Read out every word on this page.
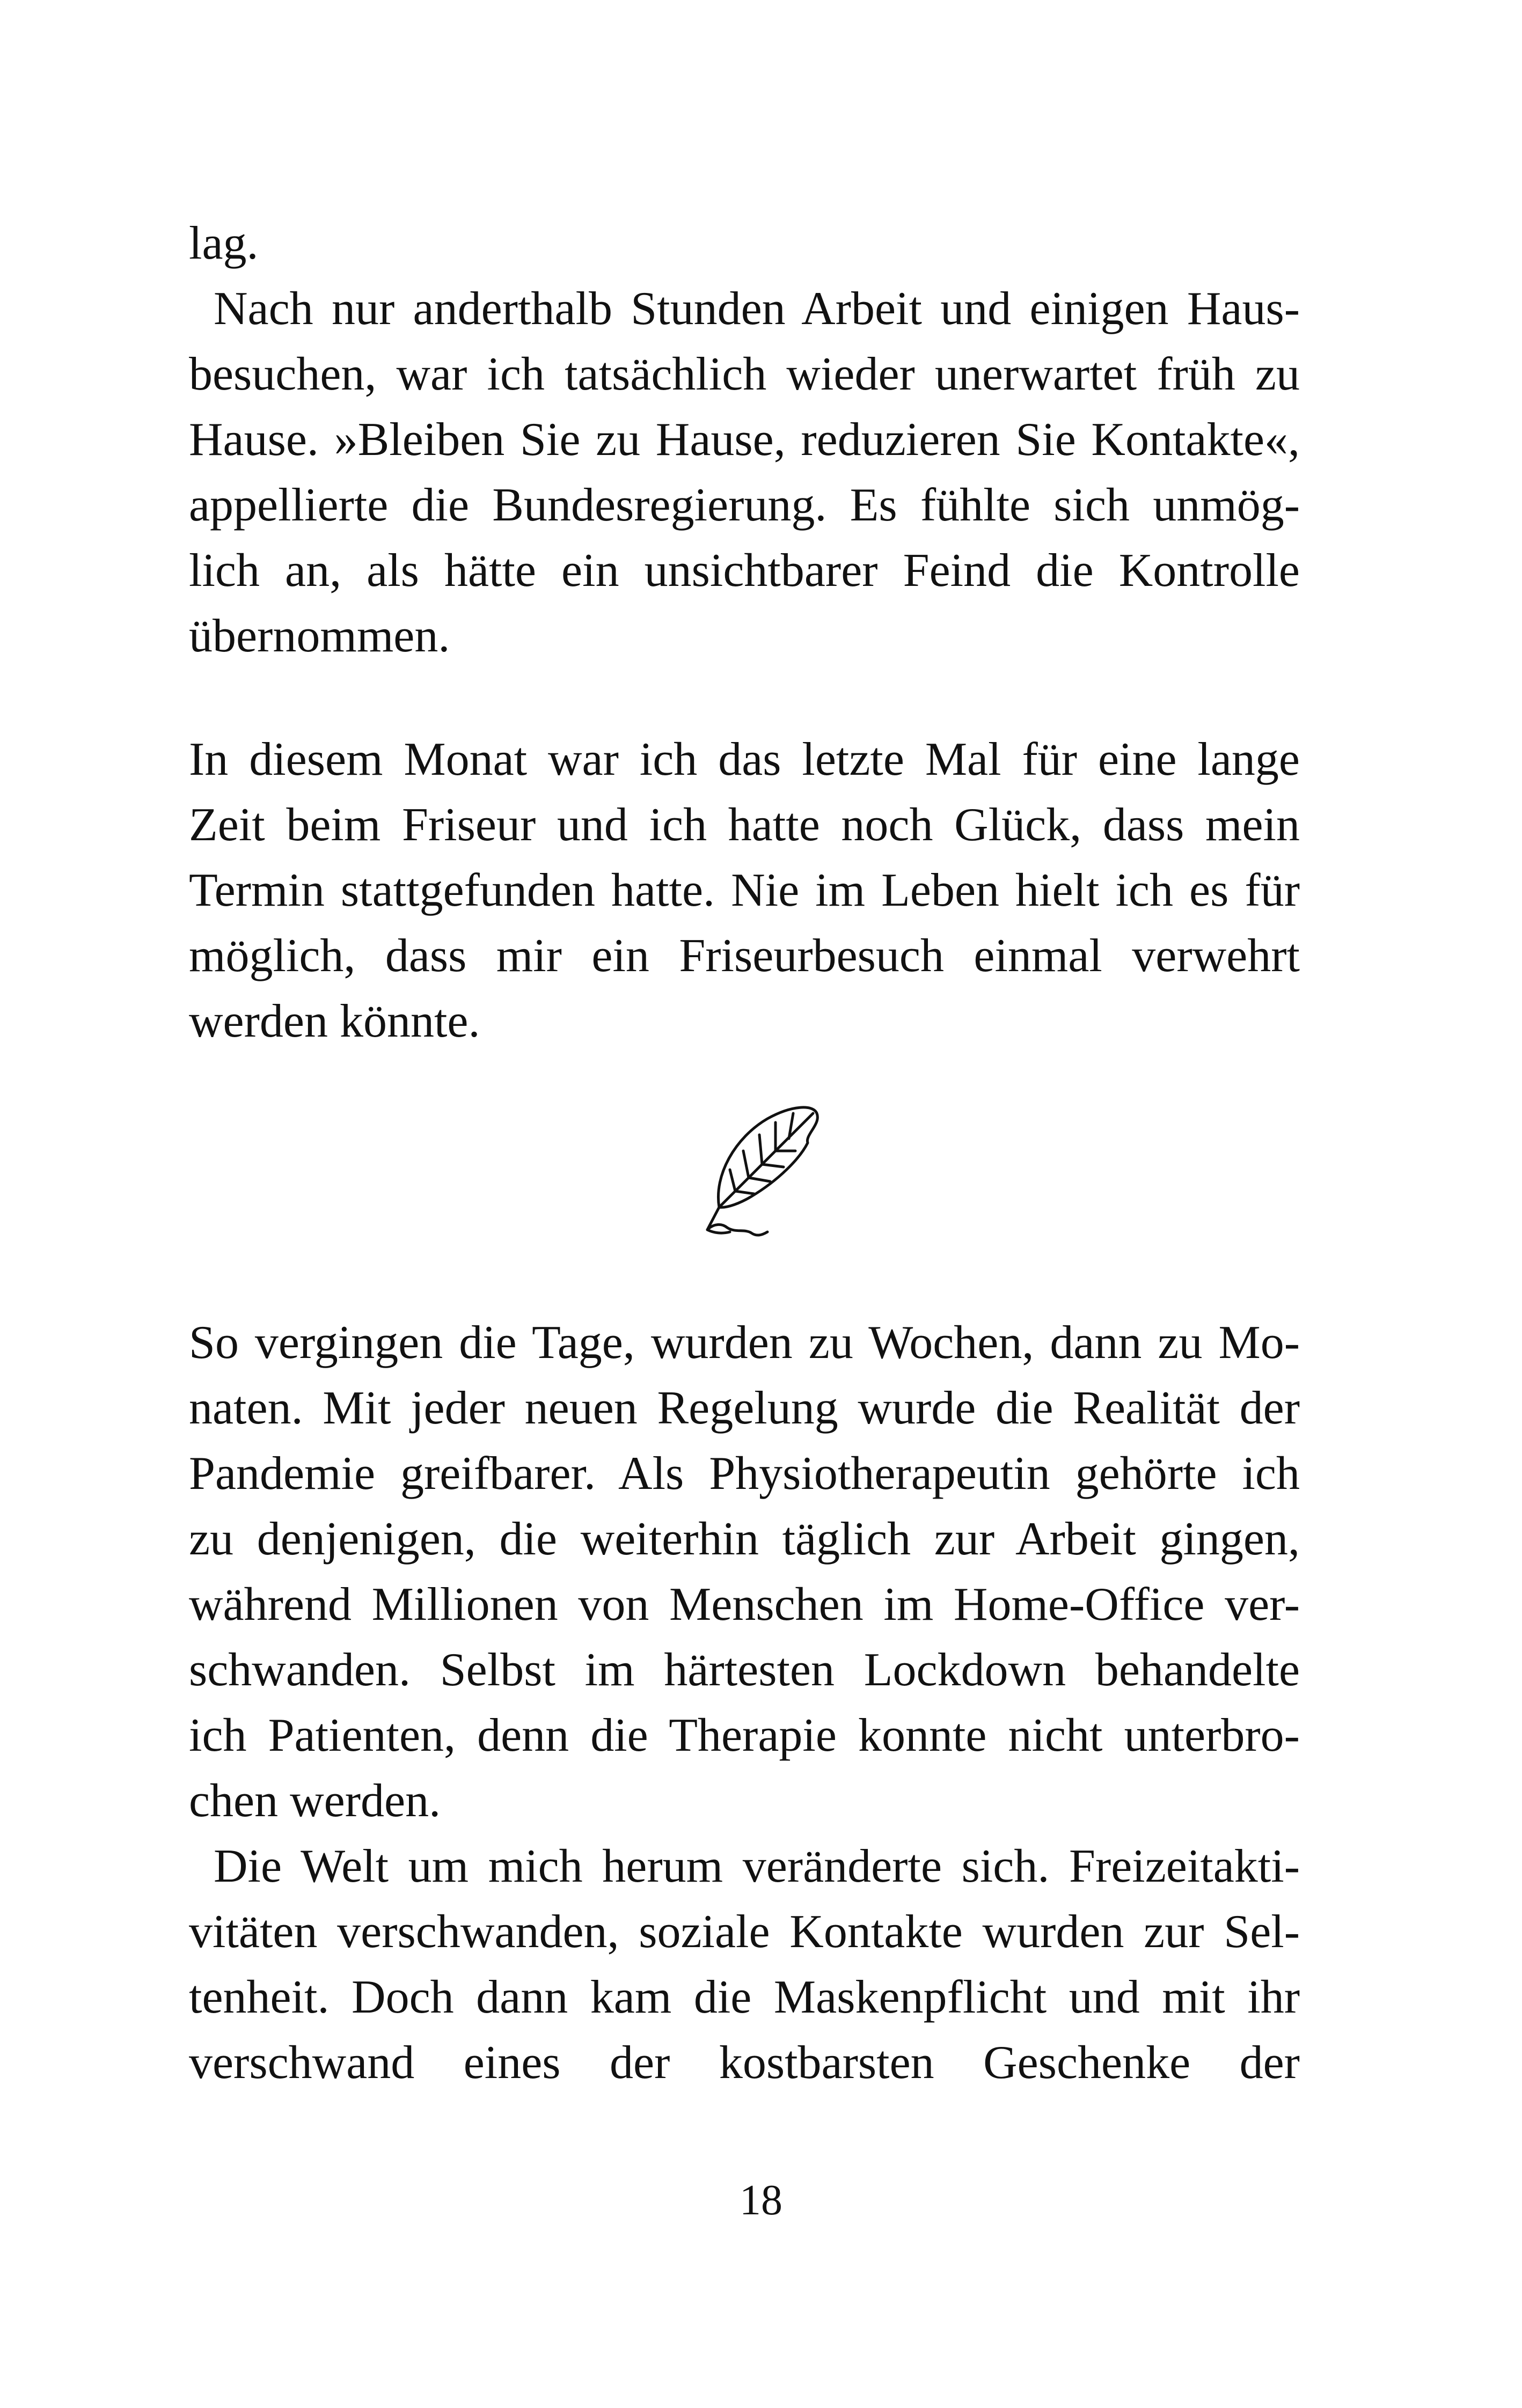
lag.

Nach nur anderthalb Stunden Arbeit und einigen Haus-
besuchen, war ich tatsächlich wieder unerwartet früh zu
Hause. »Bleiben Sie zu Hause, reduzieren Sie Kontakte«,
appellierte die Bundesregierung. Es fühlte sich unmög-
lich an, als hätte ein unsichtbarer Feind die Kontrolle
übernommen.

In diesem Monat war ich das letzte Mal für eine lange
Zeit beim Friseur und ich hatte noch Glück, dass mein
Termin stattgefunden hatte. Nie im Leben hielt ich es für
möglich, dass mir ein Friseurbesuch einmal verwehrt
werden könnte.

So vergingen die Tage, wurden zu Wochen, dann zu Mo-
naten. Mit jeder neuen Regelung wurde die Realität der
Pandemie greifbarer. Als Physiotherapeutin gehörte ich
zu denjenigen, die weiterhin täglich zur Arbeit gingen,
während Millionen von Menschen im Home-Office ver-
schwanden. Selbst im härtesten Lockdown behandelte
ich Patienten, denn die Therapie konnte nicht unterbro-
chen werden.

Die Welt um mich herum veränderte sich. Freizeitakti-
vitäten verschwanden, soziale Kontakte wurden zur Sel-
tenheit. Doch dann kam die Maskenpflicht und mit ihr
verschwand eines der kostbarsten Geschenke der

18
